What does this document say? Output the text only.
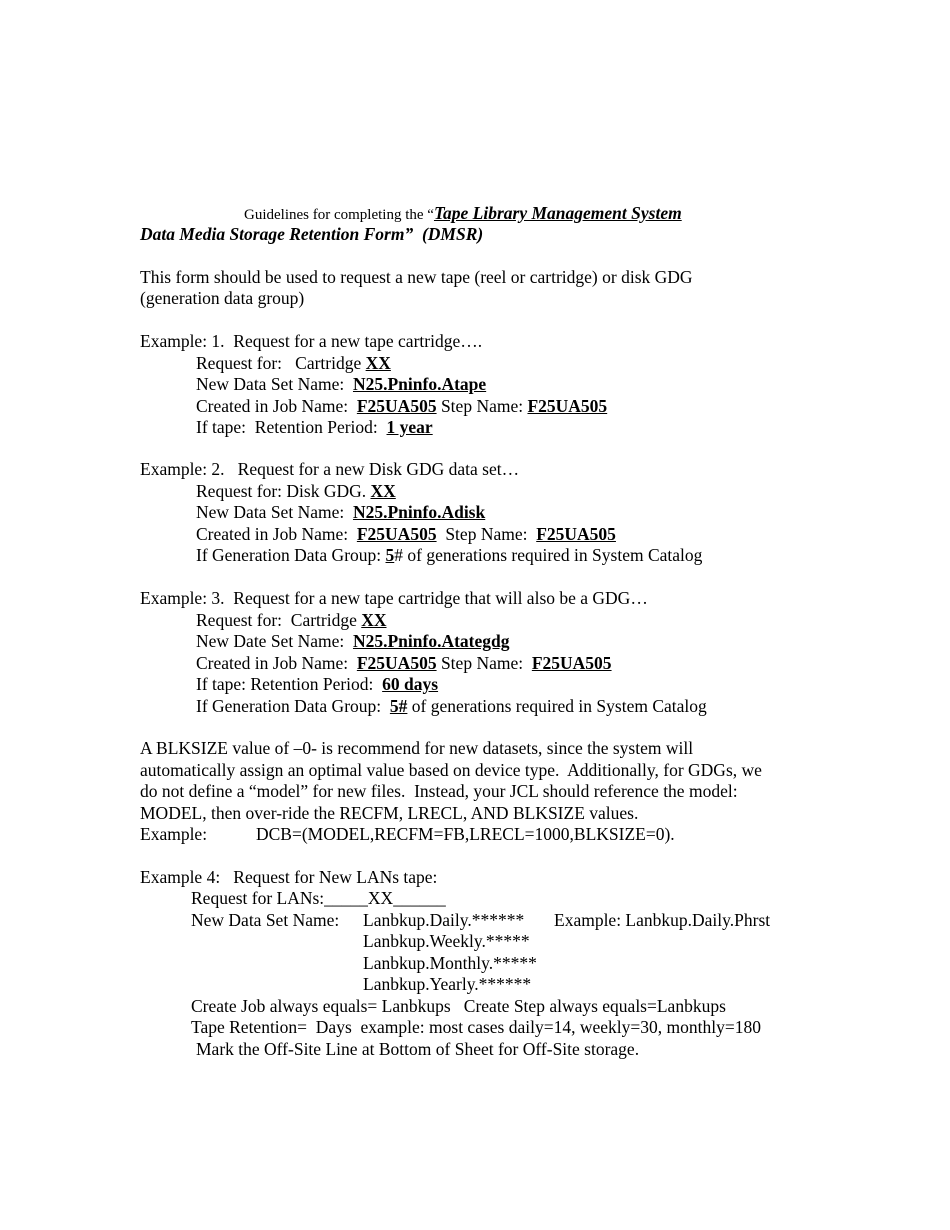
Guidelines for completing the “Tape Library Management System
Data Media Storage Retention Form”  (DMSR)
This form should be used to request a new tape (reel or cartridge) or disk GDG
(generation data group)
Example: 1.  Request for a new tape cartridge….
Request for:   Cartridge XX
New Data Set Name:  N25.Pninfo.Atape
Created in Job Name:  F25UA505 Step Name: F25UA505
If tape:  Retention Period:  1 year
Example: 2.   Request for a new Disk GDG data set…
Request for: Disk GDG. XX
New Data Set Name:  N25.Pninfo.Adisk
Created in Job Name:  F25UA505  Step Name:  F25UA505
If Generation Data Group: 5# of generations required in System Catalog
Example: 3.  Request for a new tape cartridge that will also be a GDG…
Request for:  Cartridge XX
New Date Set Name:  N25.Pninfo.Atategdg
Created in Job Name:  F25UA505 Step Name:  F25UA505
If tape: Retention Period:  60 days
If Generation Data Group:  5# of generations required in System Catalog
A BLKSIZE value of –0- is recommend for new datasets, since the system will
automatically assign an optimal value based on device type.  Additionally, for GDGs, we
do not define a “model” for new files.  Instead, your JCL should reference the model:
MODEL, then over-ride the RECFM, LRECL, AND BLKSIZE values.
Example:	DCB=(MODEL,RECFM=FB,LRECL=1000,BLKSIZE=0).
Example 4:   Request for New LANs tape:
Request for LANs:_____XX______
New Data Set Name: Lanbkup.Daily.****** Example: Lanbkup.Daily.Phrst
Lanbkup.Weekly.*****
Lanbkup.Monthly.*****
Lanbkup.Yearly.******
Create Job always equals= Lanbkups   Create Step always equals=Lanbkups
Tape Retention=  Days  example: most cases daily=14, weekly=30, monthly=180
Mark the Off-Site Line at Bottom of Sheet for Off-Site storage.
